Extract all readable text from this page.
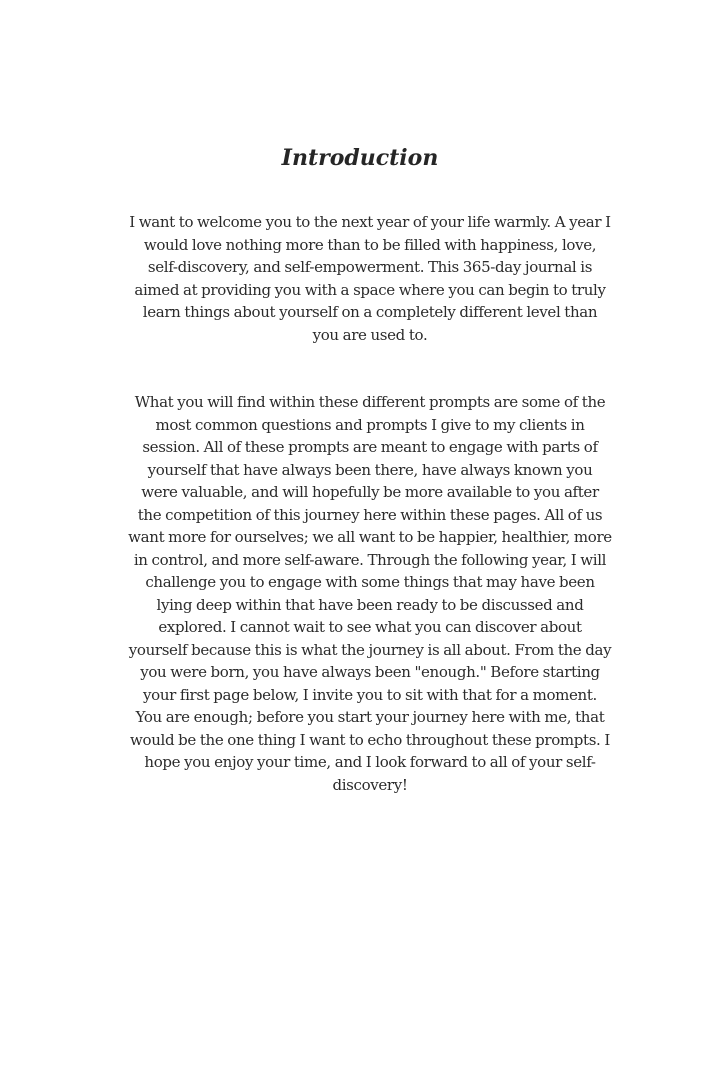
Introduction

I want to welcome you to the next year of your life warmly. A year I would love nothing more than to be filled with happiness, love, self-discovery, and self-empowerment. This 365-day journal is aimed at providing you with a space where you can begin to truly learn things about yourself on a completely different level than you are used to.

What you will find within these different prompts are some of the most common questions and prompts I give to my clients in session. All of these prompts are meant to engage with parts of yourself that have always been there, have always known you were valuable, and will hopefully be more available to you after the competition of this journey here within these pages. All of us want more for ourselves; we all want to be happier, healthier, more in control, and more self-aware. Through the following year, I will challenge you to engage with some things that may have been lying deep within that have been ready to be discussed and explored. I cannot wait to see what you can discover about yourself because this is what the journey is all about. From the day you were born, you have always been "enough." Before starting your first page below, I invite you to sit with that for a moment. You are enough; before you start your journey here with me, that would be the one thing I want to echo throughout these prompts. I hope you enjoy your time, and I look forward to all of your self-discovery!
